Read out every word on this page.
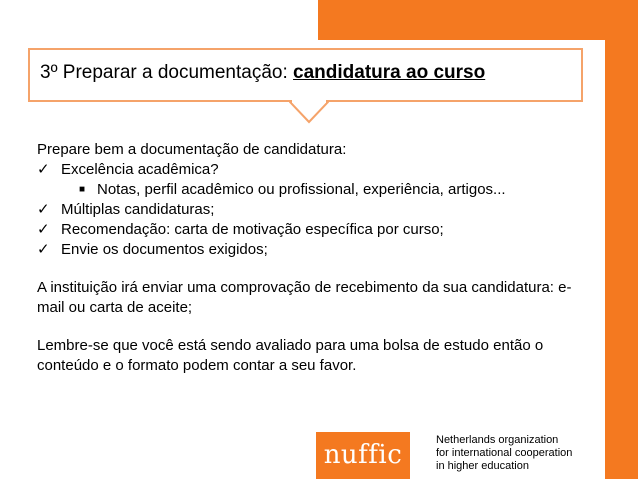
3º Preparar a documentação: candidatura ao curso

Prepare bem a documentação de candidatura:

✓ Excelência acadêmica?
■ Notas, perfil acadêmico ou profissional, experiência, artigos...
✓ Múltiplas candidaturas;
✓ Recomendação: carta de motivação específica por curso;
✓ Envie os documentos exigidos;

A instituição irá enviar uma comprovação de recebimento da sua candidatura: e-mail ou carta de aceite;

Lembre-se que você está sendo avaliado para uma bolsa de estudo então o conteúdo e o formato podem contar a seu favor.

nuffic	Netherlands organization
for international cooperation
in higher education
